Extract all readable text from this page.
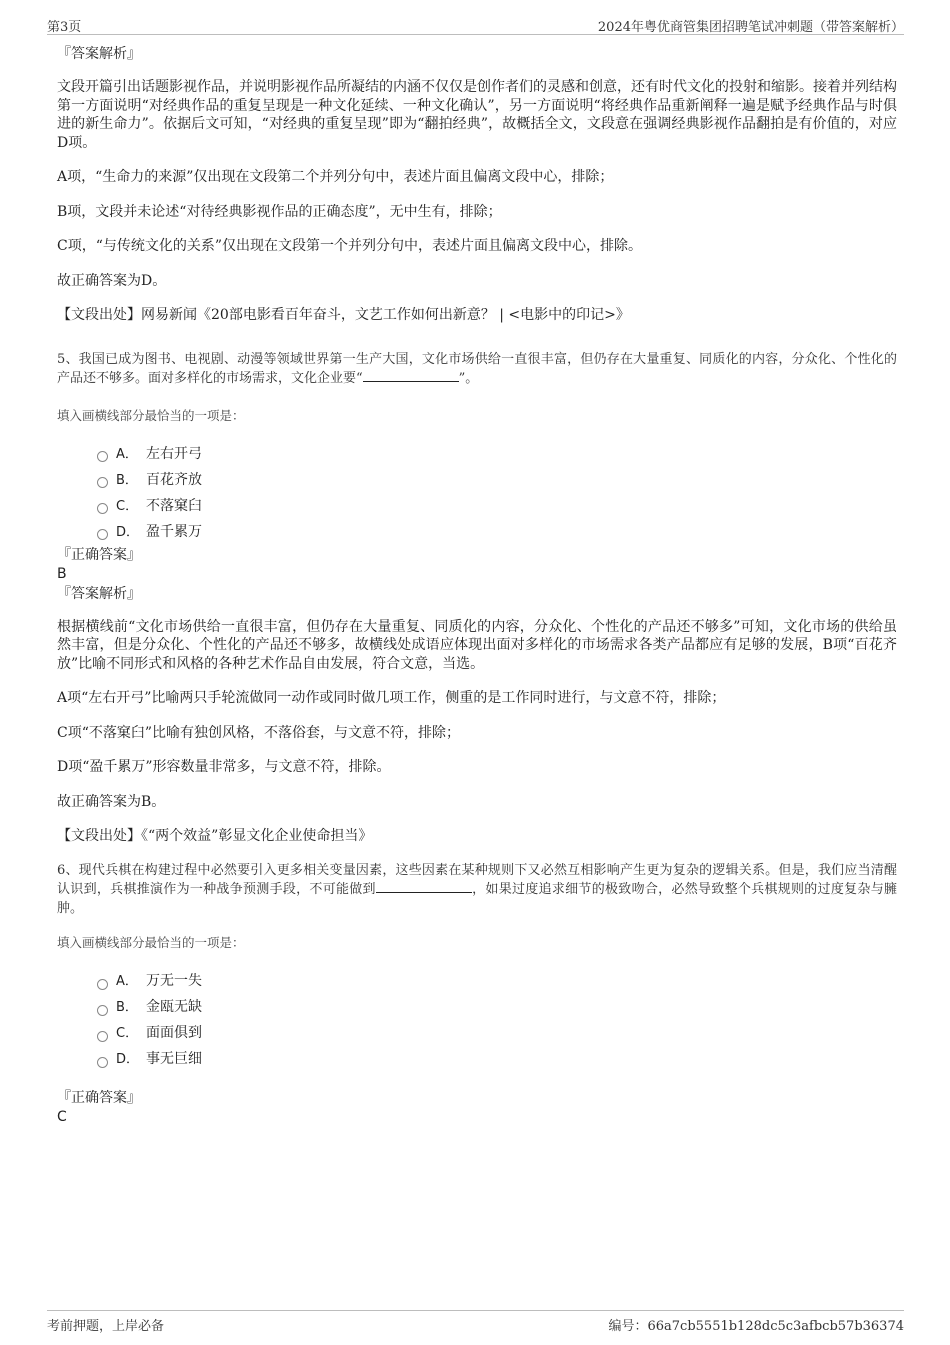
第3页	2024年粤优商管集团招聘笔试冲刺题（带答案解析）

『答案解析』

文段开篇引出话题影视作品，并说明影视作品所凝结的内涵不仅仅是创作者们的灵感和创意，还有时代文化的投射和缩影。接着并列结构第一方面说明“对经典作品的重复呈现是一种文化延续、一种文化确认”，另一方面说明“将经典作品重新阐释一遍是赋予经典作品与时俱进的新生命力”。依据后文可知，“对经典的重复呈现”即为“翻拍经典”，故概括全文，文段意在强调经典影视作品翻拍是有价值的，对应D项。

A项，“生命力的来源”仅出现在文段第二个并列分句中，表述片面且偏离文段中心，排除；

B项，文段并未论述“对待经典影视作品的正确态度”，无中生有，排除；

C项，“与传统文化的关系”仅出现在文段第一个并列分句中，表述片面且偏离文段中心，排除。

故正确答案为D。

【文段出处】网易新闻《20部电影看百年奋斗，文艺工作如何出新意？ | <电影中的印记>》

5、我国已成为图书、电视剧、动漫等领域世界第一生产大国，文化市场供给一直很丰富，但仍存在大量重复、同质化的内容，分众化、个性化的产品还不够多。面对多样化的市场需求，文化企业要“	”。

填入画横线部分最恰当的一项是：

A． 左右开弓
B． 百花齐放
C． 不落窠臼
D． 盈千累万

『正确答案』

B

『答案解析』

根据横线前“文化市场供给一直很丰富，但仍存在大量重复、同质化的内容，分众化、个性化的产品还不够多”可知，文化市场的供给虽然丰富，但是分众化、个性化的产品还不够多，故横线处成语应体现出面对多样化的市场需求各类产品都应有足够的发展，B项“百花齐放”比喻不同形式和风格的各种艺术作品自由发展，符合文意，当选。

A项“左右开弓”比喻两只手轮流做同一动作或同时做几项工作，侧重的是工作同时进行，与文意不符，排除；

C项“不落窠臼”比喻有独创风格，不落俗套，与文意不符，排除；

D项“盈千累万”形容数量非常多，与文意不符，排除。

故正确答案为B。

【文段出处】《“两个效益”彰显文化企业使命担当》

6、现代兵棋在构建过程中必然要引入更多相关变量因素，这些因素在某种规则下又必然互相影响产生更为复杂的逻辑关系。但是，我们应当清醒认识到，兵棋推演作为一种战争预测手段，不可能做到	，如果过度追求细节的极致吻合，必然导致整个兵棋规则的过度复杂与臃肿。

填入画横线部分最恰当的一项是：

A． 万无一失
B． 金瓯无缺
C． 面面俱到
D． 事无巨细

『正确答案』

C

考前押题，上岸必备	编号：66a7cb5551b128dc5c3afbcb57b36374
